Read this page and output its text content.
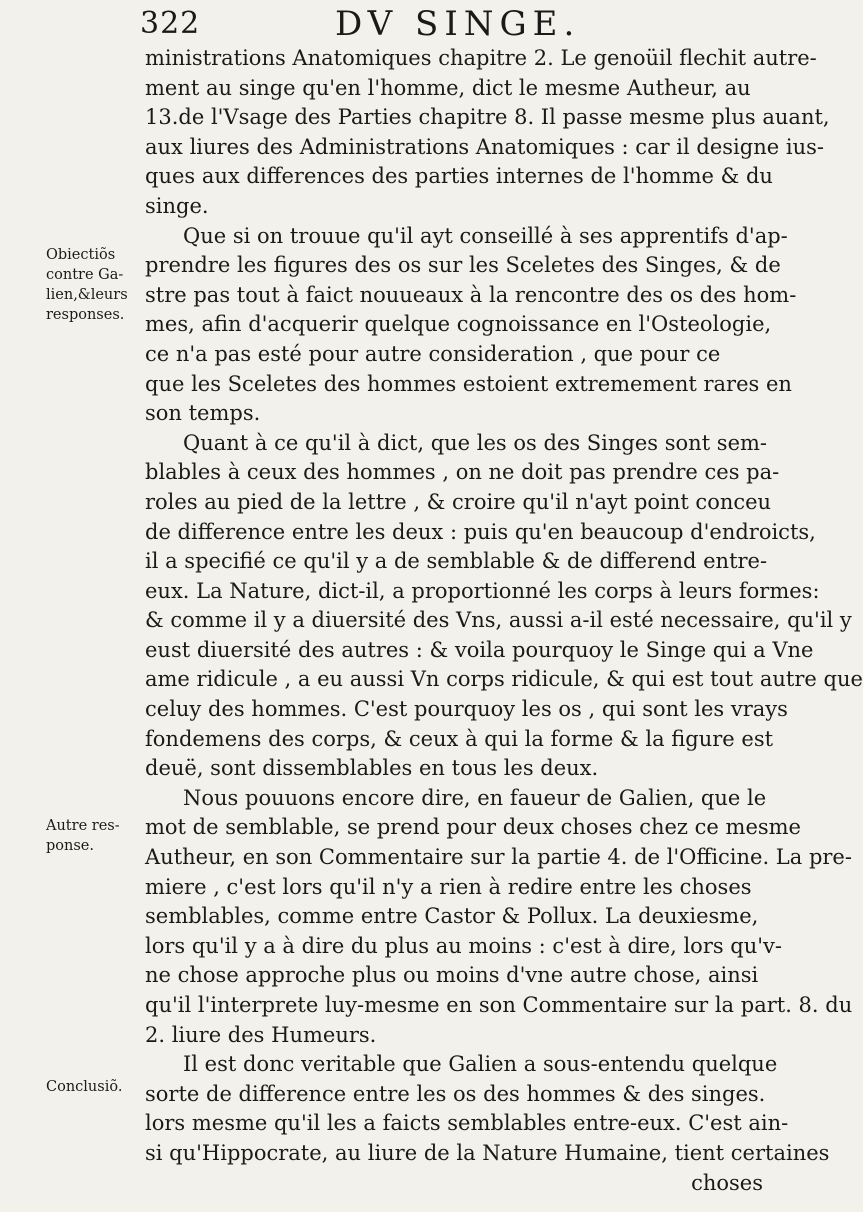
322	DV SINGE.
Obiectiõs
contre Ga-
lien,&leurs
responses.
Autre res-
ponse.
Conclusiõ.
ministrations Anatomiques chapitre 2. Le genoüil flechit autre-
ment au singe qu'en l'homme, dict le mesme Autheur, au
13.de l'Vsage des Parties chapitre 8. Il passe mesme plus auant,
aux liures des Administrations Anatomiques : car il designe ius-
ques aux differences des parties internes de l'homme & du
singe.
Que si on trouue qu'il ayt conseillé à ses apprentifs d'ap-
prendre les figures des os sur les Sceletes des Singes, & de
stre pas tout à faict nouueaux à la rencontre des os des hom-
mes, afin d'acquerir quelque cognoissance en l'Osteologie,
ce n'a pas esté pour autre consideration , que pour ce
que les Sceletes des hommes estoient extremement rares en
son temps.
Quant à ce qu'il à dict, que les os des Singes sont sem-
blables à ceux des hommes , on ne doit pas prendre ces pa-
roles au pied de la lettre , & croire qu'il n'ayt point conceu
de difference entre les deux : puis qu'en beaucoup d'endroicts,
il a specifié ce qu'il y a de semblable & de differend entre-
eux. La Nature, dict-il, a proportionné les corps à leurs formes:
& comme il y a diuersité des Vns, aussi a-il esté necessaire, qu'il y
eust diuersité des autres : & voila pourquoy le Singe qui a Vne
ame ridicule , a eu aussi Vn corps ridicule, & qui est tout autre que
celuy des hommes. C'est pourquoy les os , qui sont les vrays
fondemens des corps, & ceux à qui la forme & la figure est
deuë, sont dissemblables en tous les deux.
Nous pouuons encore dire, en faueur de Galien, que le
mot de semblable, se prend pour deux choses chez ce mesme
Autheur, en son Commentaire sur la partie 4. de l'Officine. La pre-
miere , c'est lors qu'il n'y a rien à redire entre les choses
semblables, comme entre Castor & Pollux. La deuxiesme,
lors qu'il y a à dire du plus au moins : c'est à dire, lors qu'v-
ne chose approche plus ou moins d'vne autre chose, ainsi
qu'il l'interprete luy-mesme en son Commentaire sur la part. 8. du
2. liure des Humeurs.
Il est donc veritable que Galien a sous-entendu quelque
sorte de difference entre les os des hommes & des singes.
lors mesme qu'il les a faicts semblables entre-eux. C'est ain-
si qu'Hippocrate, au liure de la Nature Humaine, tient certaines
choses
